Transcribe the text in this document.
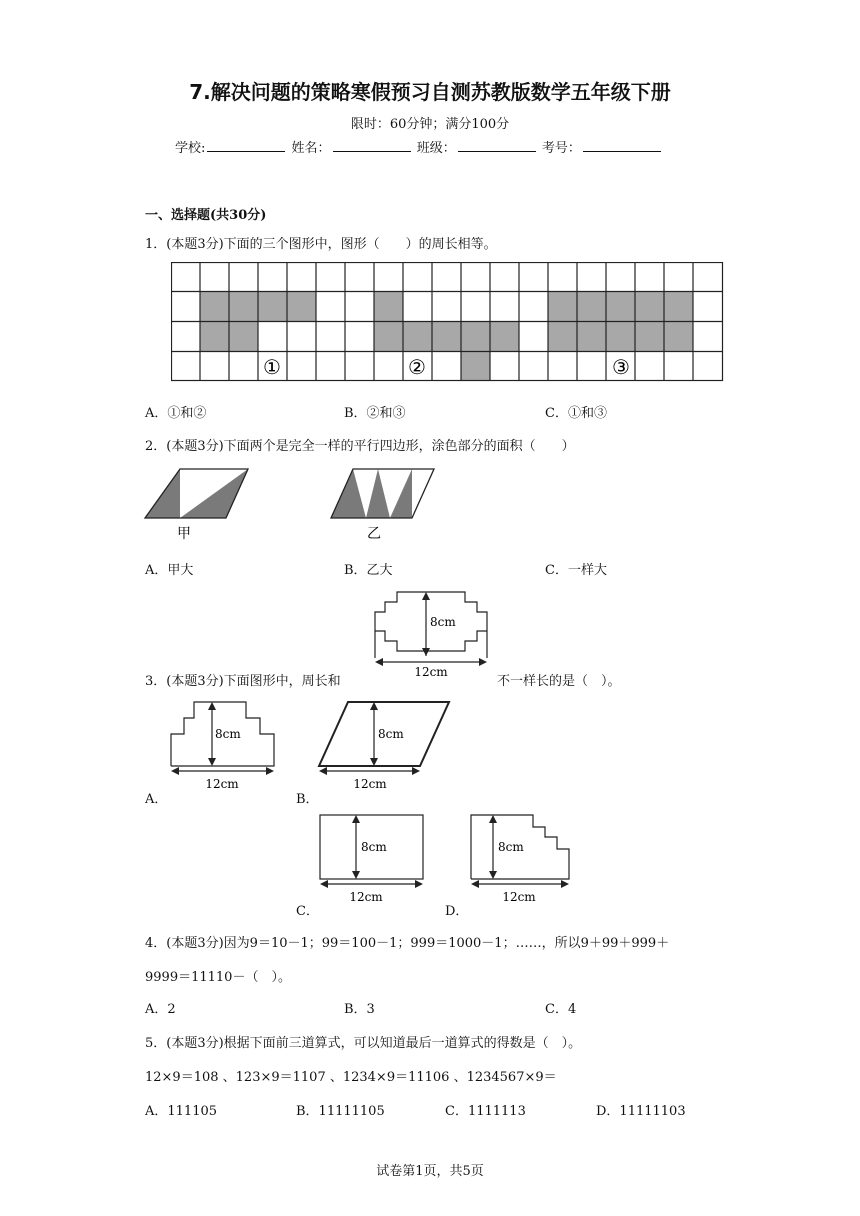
7.解决问题的策略寒假预习自测苏教版数学五年级下册
限时：60分钟；满分100分
学校:	姓名：	班级：	考号：
一、选择题(共30分)
1．(本题3分)下面的三个图形中，图形（　　）的周长相等。
①	②	③
A．①和②	B．②和③	C．①和③
2．(本题3分)下面两个是完全一样的平行四边形，涂色部分的面积（　　）
甲	乙
A．甲大	B．乙大	C．一样大
8cm
12cm
3．(本题3分)下面图形中，周长和	不一样长的是（　）。
8cm
12cm
A．
8cm
12cm
B．
8cm
12cm
C．
8cm
12cm
D．
4．(本题3分)因为9＝10－1；99＝100－1；999＝1000－1；……，所以9＋99＋999＋
9999＝11110－（　）。
A．2	B．3	C．4
5．(本题3分)根据下面前三道算式，可以知道最后一道算式的得数是（　）。
12×9＝108 、123×9＝1107 、1234×9＝11106 、1234567×9＝
A．111105	B．11111105	C．1111113	D．11111103
试卷第1页，共5页
